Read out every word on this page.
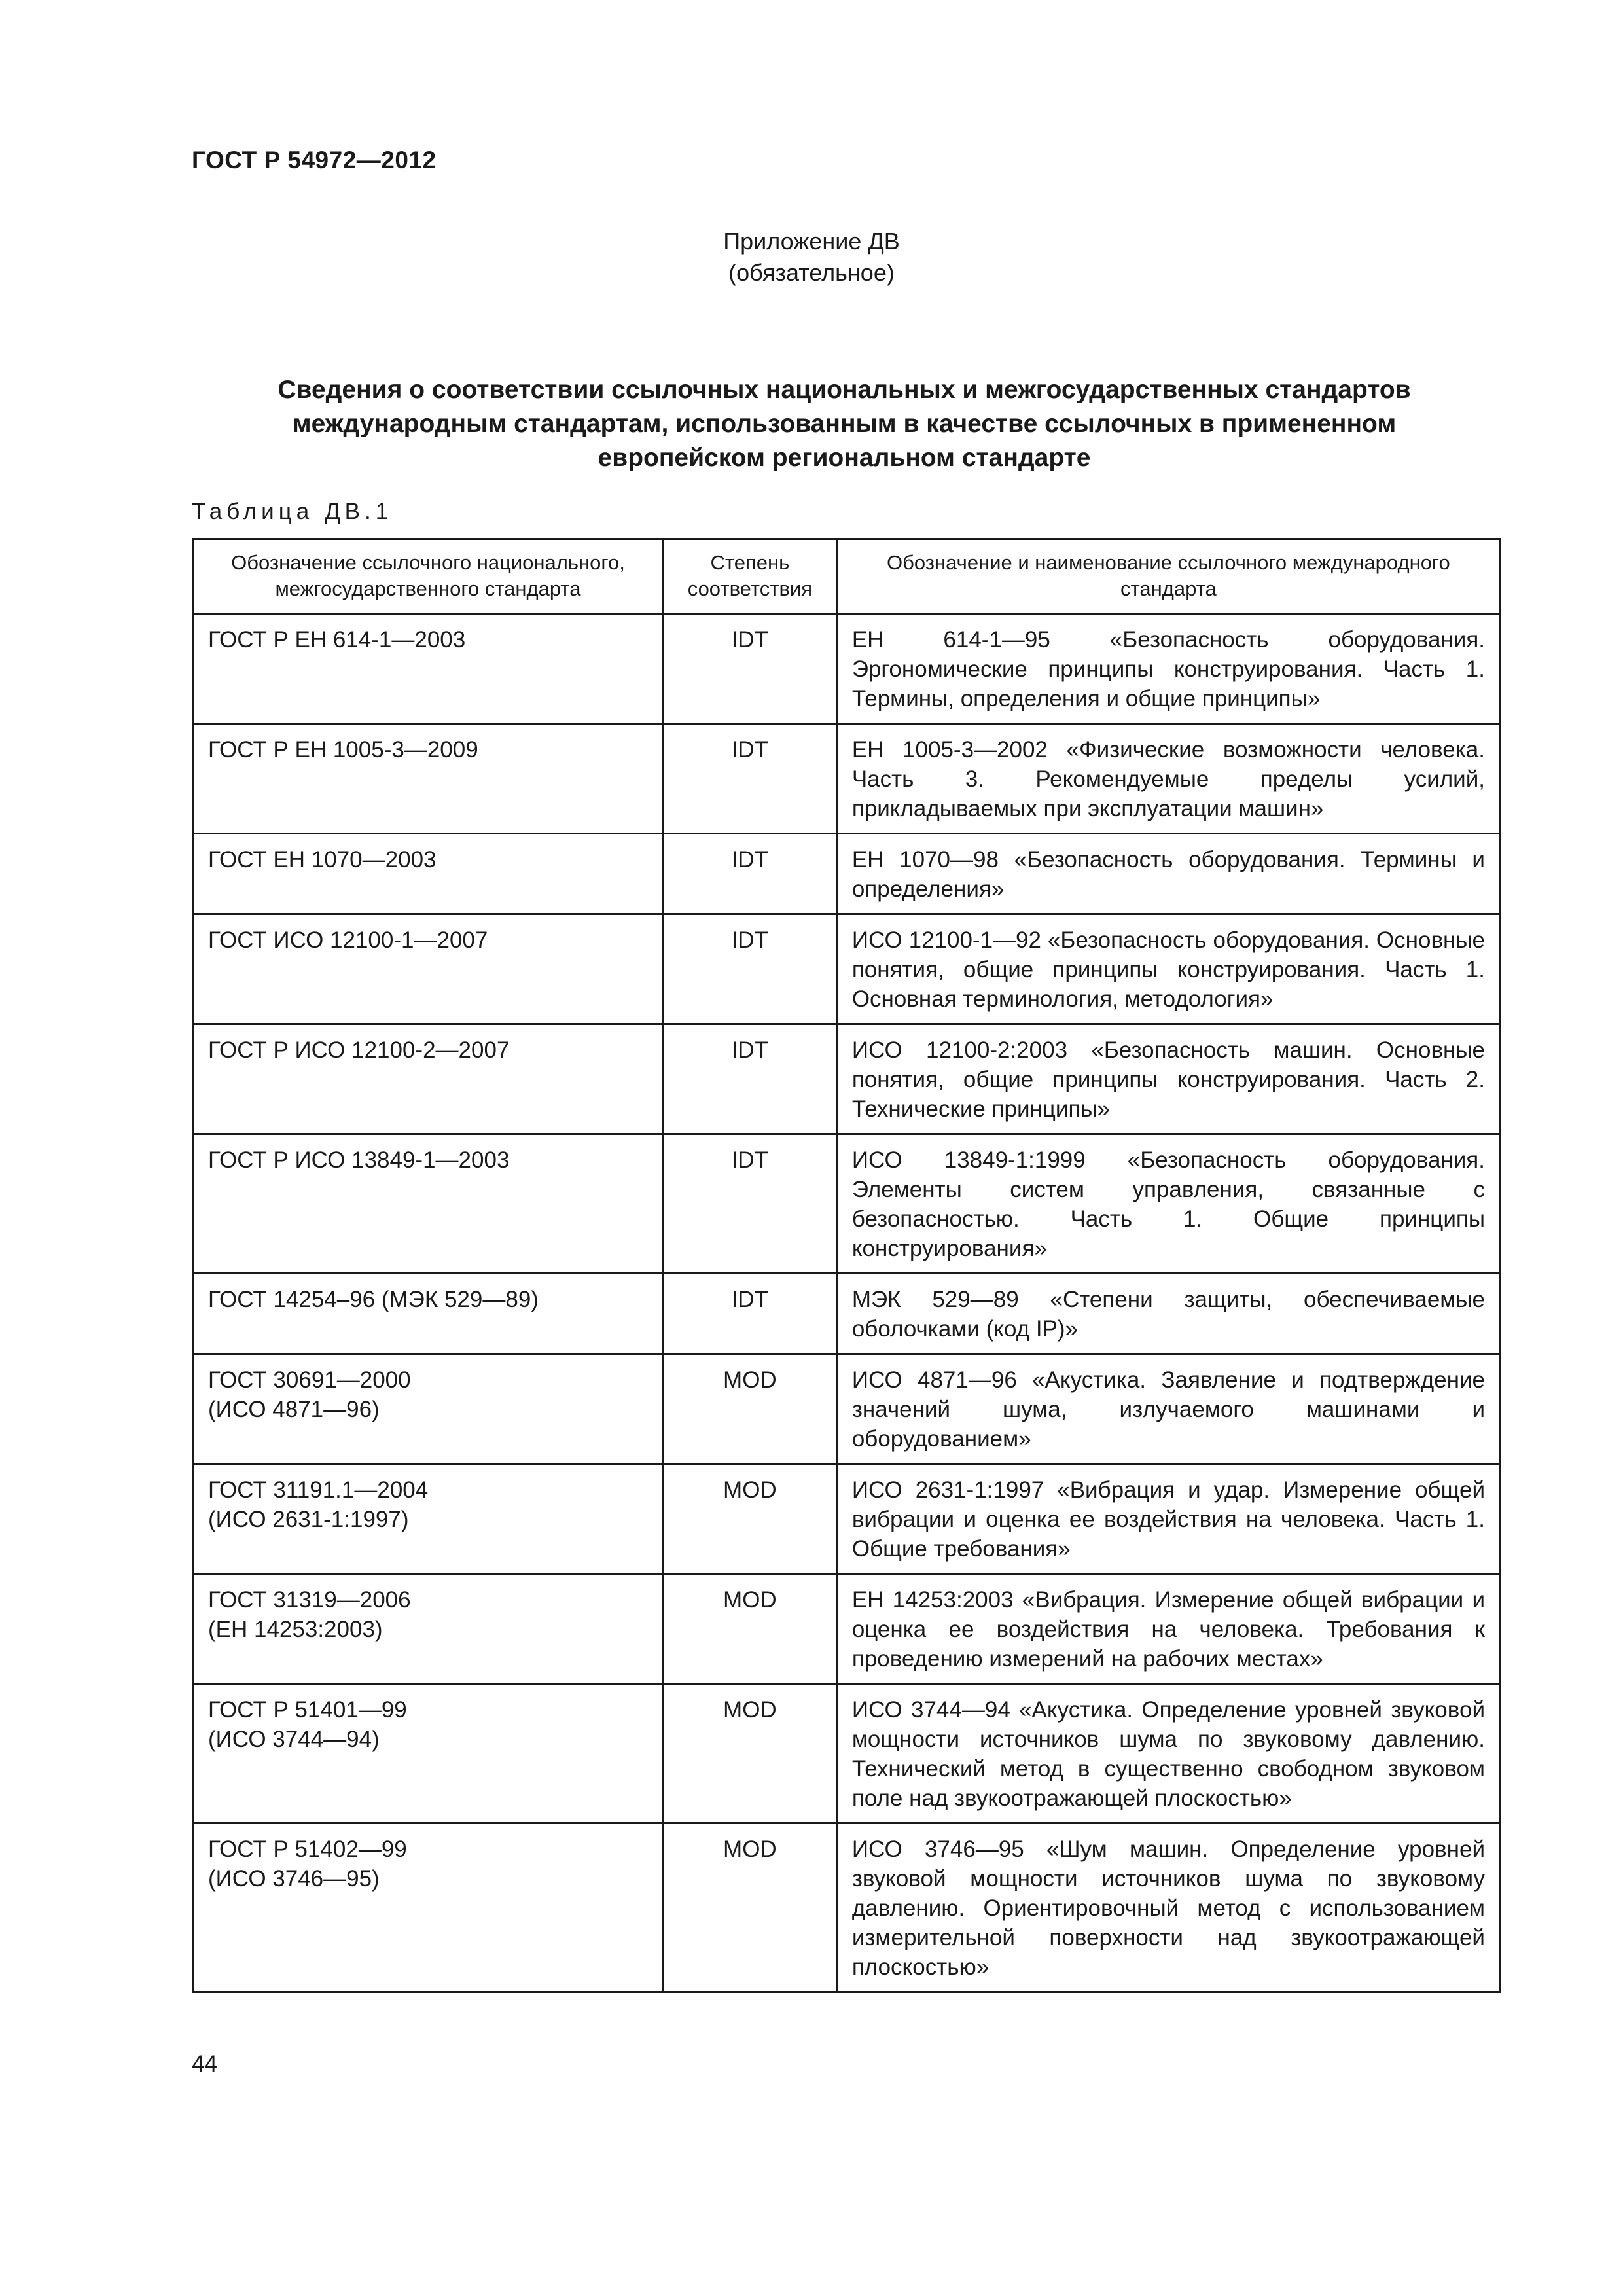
ГОСТ Р 54972—2012
Приложение ДВ
(обязательное)
Сведения о соответствии ссылочных национальных и межгосударственных стандартов
международным стандартам, использованным в качестве ссылочных в примененном
европейском региональном стандарте
Таблица ДВ.1
Обозначение ссылочного национального, межгосударственного стандарта	Степень соответствия	Обозначение и наименование ссылочного международного стандарта

ГОСТ Р ЕН 614-1—2003	IDT	ЕН 614-1—95 «Безопасность оборудования. Эргономические принципы конструирования. Часть 1. Термины, определения и общие принципы»

ГОСТ Р ЕН 1005-3—2009	IDT	ЕН 1005-3—2002 «Физические возможности человека. Часть 3. Рекомендуемые пределы усилий, прикладываемых при эксплуатации машин»

ГОСТ ЕН 1070—2003	IDT	ЕН 1070—98 «Безопасность оборудования. Термины и определения»

ГОСТ ИСО 12100-1—2007	IDT	ИСО 12100-1—92 «Безопасность оборудования. Основные понятия, общие принципы конструирования. Часть 1. Основная терминология, методология»

ГОСТ Р ИСО 12100-2—2007	IDT	ИСО 12100-2:2003 «Безопасность машин. Основные понятия, общие принципы конструирования. Часть 2. Технические принципы»

ГОСТ Р ИСО 13849-1—2003	IDT	ИСО 13849-1:1999 «Безопасность оборудования. Элементы систем управления, связанные с безопасностью. Часть 1. Общие принципы конструирования»

ГОСТ 14254–96 (МЭК 529—89)	IDT	МЭК 529—89 «Степени защиты, обеспечиваемые оболочками (код IP)»

ГОСТ 30691—2000
(ИСО 4871—96)	MOD	ИСО 4871—96 «Акустика. Заявление и подтверждение значений шума, излучаемого машинами и оборудованием»

ГОСТ 31191.1—2004
(ИСО 2631-1:1997)	MOD	ИСО 2631-1:1997 «Вибрация и удар. Измерение общей вибрации и оценка ее воздействия на человека. Часть 1. Общие требования»

ГОСТ 31319—2006
(ЕН 14253:2003)	MOD	ЕН 14253:2003 «Вибрация. Измерение общей вибрации и оценка ее воздействия на человека. Требования к проведению измерений на рабочих местах»

ГОСТ Р 51401—99
(ИСО 3744—94)	MOD	ИСО 3744—94 «Акустика. Определение уровней звуковой мощности источников шума по звуковому давлению. Технический метод в существенно свободном звуковом поле над звукоотражающей плоскостью»

ГОСТ Р 51402—99
(ИСО 3746—95)	MOD	ИСО 3746—95 «Шум машин. Определение уровней звуковой мощности источников шума по звуковому давлению. Ориентировочный метод с использованием измерительной поверхности над звукоотражающей плоскостью»
44
